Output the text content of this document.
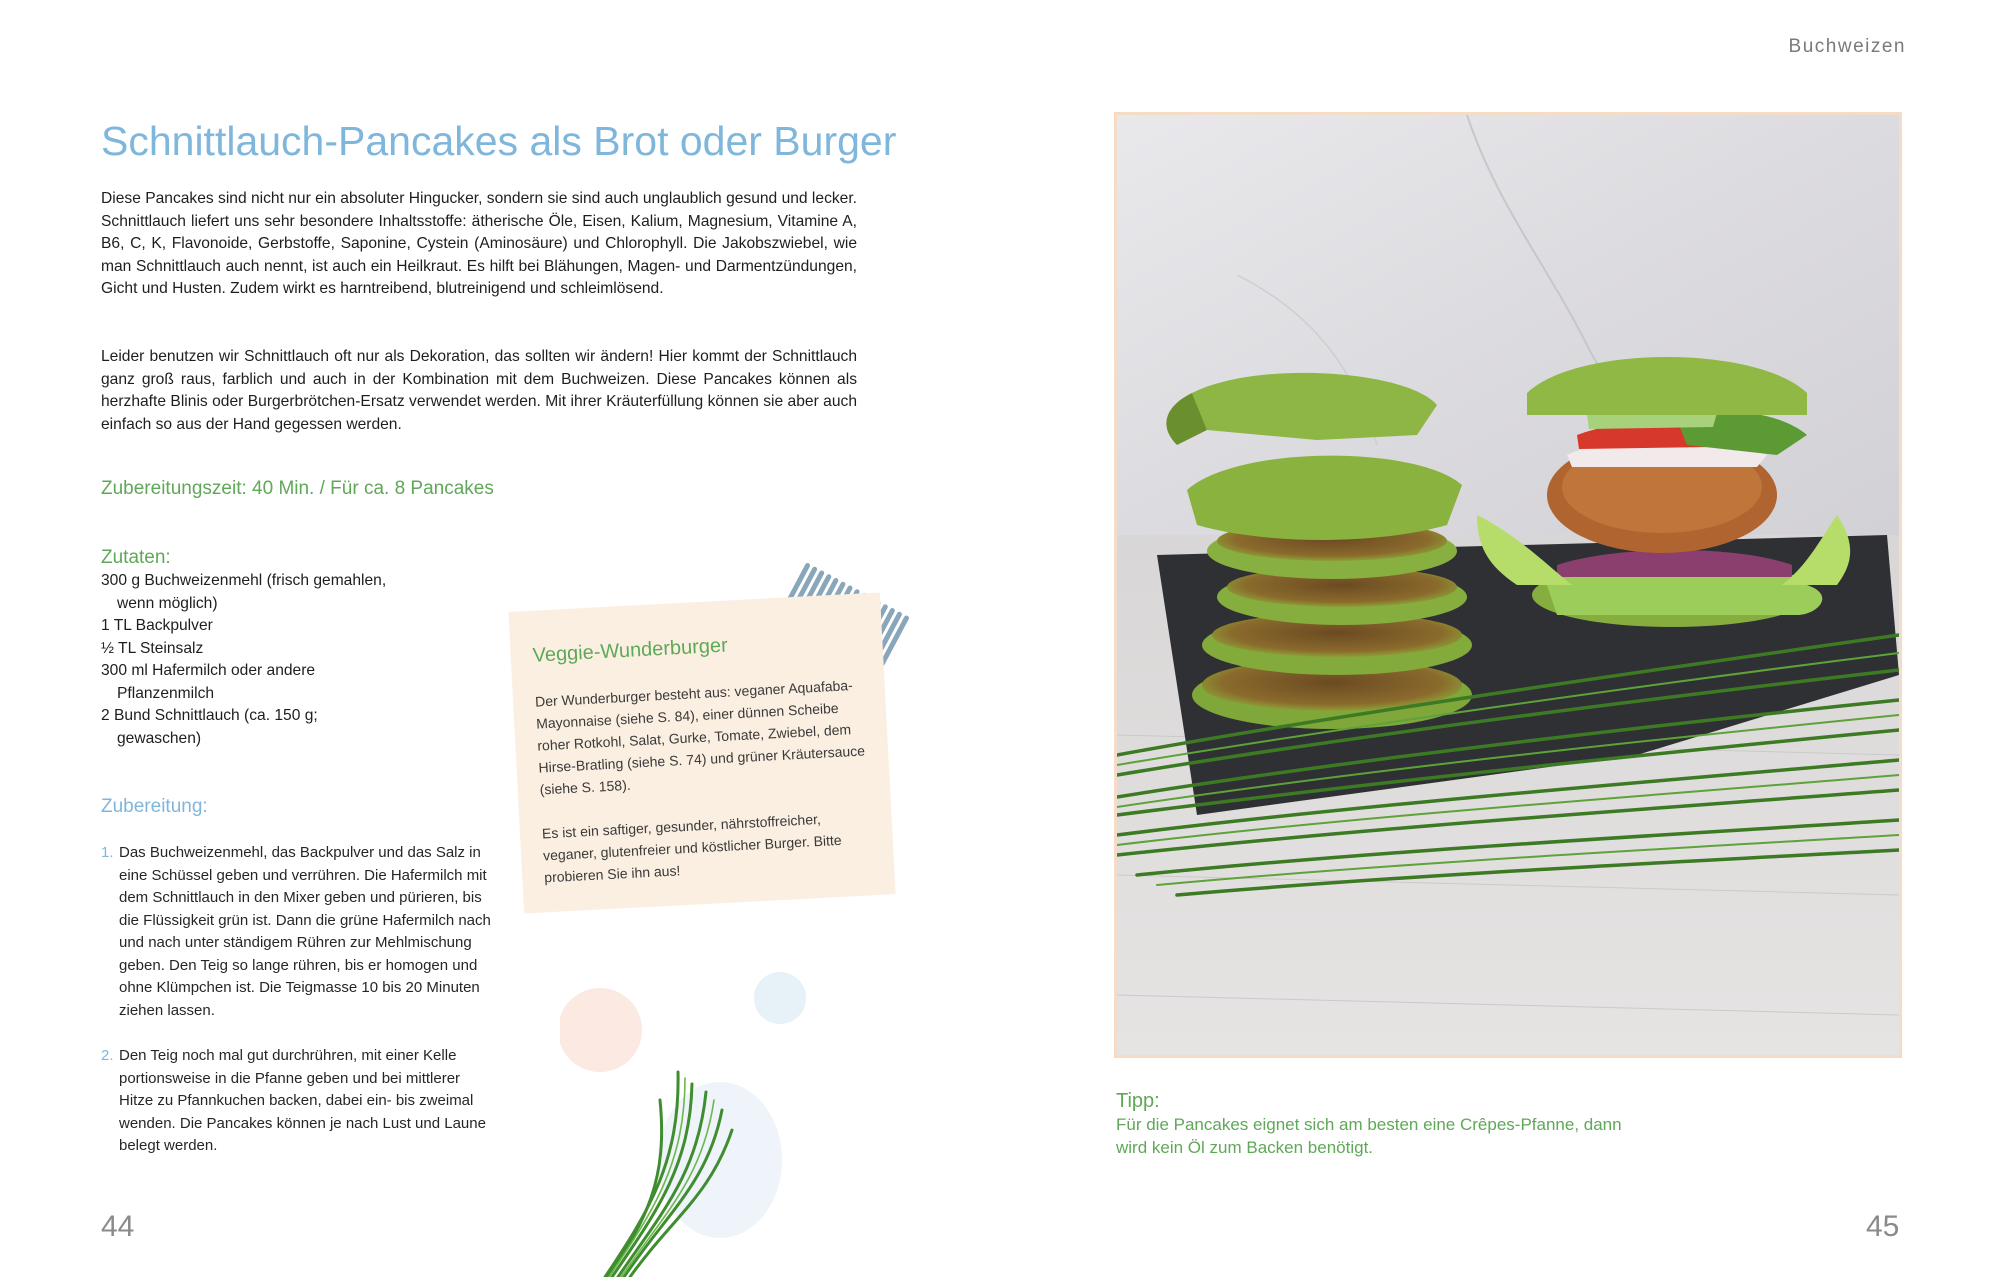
Buchweizen
Schnittlauch-Pancakes als Brot oder Burger

Diese Pancakes sind nicht nur ein absoluter Hingucker, sondern sie sind auch unglaublich gesund und lecker. Schnittlauch liefert uns sehr besondere Inhaltsstoffe: ätherische Öle, Eisen, Kalium, Magnesium, Vitamine A, B6, C, K, Flavonoide, Gerbstoffe, Saponine, Cystein (Aminosäure) und Chlorophyll. Die Jakobszwiebel, wie man Schnittlauch auch nennt, ist auch ein Heilkraut. Es hilft bei Blähungen, Magen- und Darmentzündungen, Gicht und Husten. Zudem wirkt es harntreibend, blutreinigend und schleimlösend.

Leider benutzen wir Schnittlauch oft nur als Dekoration, das sollten wir ändern! Hier kommt der Schnittlauch ganz groß raus, farblich und auch in der Kombination mit dem Buchweizen. Diese Pancakes können als herzhafte Blinis oder Burgerbrötchen-Ersatz verwendet werden. Mit ihrer Kräuterfüllung können sie aber auch einfach so aus der Hand gegessen werden.

Zubereitungszeit: 40 Min. / Für ca. 8 Pancakes
Zutaten:
300 g Buchweizenmehl (frisch gemahlen, wenn möglich)
1 TL Backpulver
½ TL Steinsalz
300 ml Hafermilch oder andere Pflanzenmilch
2 Bund Schnittlauch (ca. 150 g; gewaschen)
Zubereitung:
1. Das Buchweizenmehl, das Backpulver und das Salz in eine Schüssel geben und verrühren. Die Hafermilch mit dem Schnittlauch in den Mixer geben und pürieren, bis die Flüssigkeit grün ist. Dann die grüne Hafermilch nach und nach unter ständigem Rühren zur Mehlmischung geben. Den Teig so lange rühren, bis er homogen und ohne Klümpchen ist. Die Teigmasse 10 bis 20 Minuten ziehen lassen.
2. Den Teig noch mal gut durchrühren, mit einer Kelle portionsweise in die Pfanne geben und bei mittlerer Hitze zu Pfannkuchen backen, dabei ein- bis zweimal wenden. Die Pancakes können je nach Lust und Laune belegt werden.
Veggie-Wunderburger

Der Wunderburger besteht aus: veganer Aquafaba-Mayonnaise (siehe S. 84), einer dünnen Scheibe roher Rotkohl, Salat, Gurke, Tomate, Zwiebel, dem Hirse-Bratling (siehe S. 74) und grüner Kräutersauce (siehe S. 158).

Es ist ein saftiger, gesunder, nährstoffreicher, veganer, glutenfreier und köstlicher Burger. Bitte probieren Sie ihn aus!

Tipp:
Für die Pancakes eignet sich am besten eine Crêpes-Pfanne, dann wird kein Öl zum Backen benötigt.
44	45
